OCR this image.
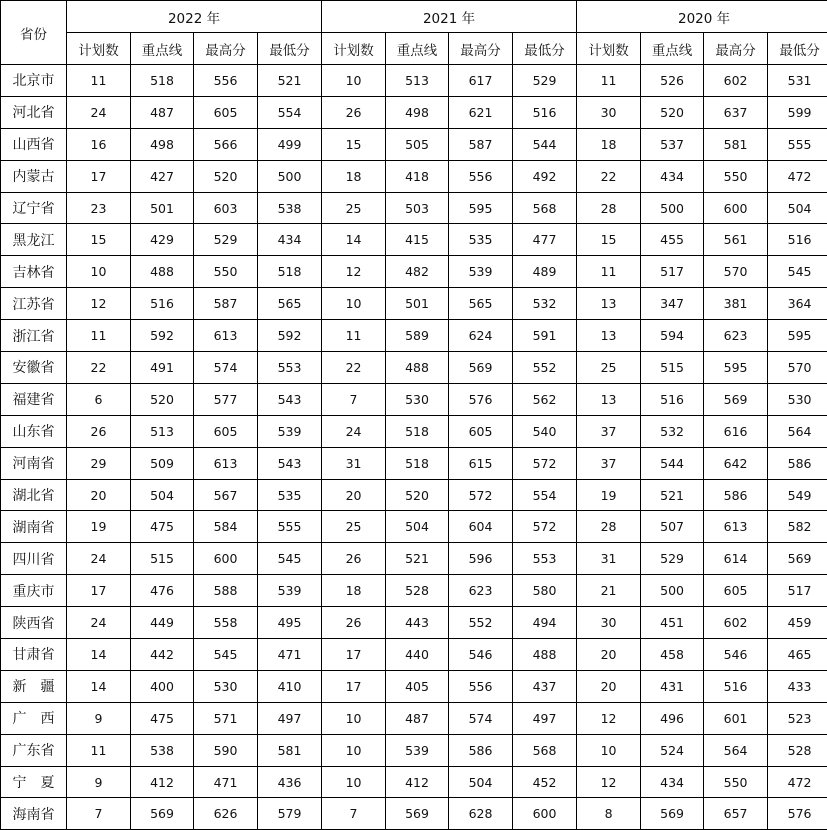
省份	2022 年				2021 年				2020 年			
	计划数	重点线	最高分	最低分	计划数	重点线	最高分	最低分	计划数	重点线	最高分	最低分
北京市	11	518	556	521	10	513	617	529	11	526	602	531
河北省	24	487	605	554	26	498	621	516	30	520	637	599
山西省	16	498	566	499	15	505	587	544	18	537	581	555
内蒙古	17	427	520	500	18	418	556	492	22	434	550	472
辽宁省	23	501	603	538	25	503	595	568	28	500	600	504
黑龙江	15	429	529	434	14	415	535	477	15	455	561	516
吉林省	10	488	550	518	12	482	539	489	11	517	570	545
江苏省	12	516	587	565	10	501	565	532	13	347	381	364
浙江省	11	592	613	592	11	589	624	591	13	594	623	595
安徽省	22	491	574	553	22	488	569	552	25	515	595	570
福建省	6	520	577	543	7	530	576	562	13	516	569	530
山东省	26	513	605	539	24	518	605	540	37	532	616	564
河南省	29	509	613	543	31	518	615	572	37	544	642	586
湖北省	20	504	567	535	20	520	572	554	19	521	586	549
湖南省	19	475	584	555	25	504	604	572	28	507	613	582
四川省	24	515	600	545	26	521	596	553	31	529	614	569
重庆市	17	476	588	539	18	528	623	580	21	500	605	517
陕西省	24	449	558	495	26	443	552	494	30	451	602	459
甘肃省	14	442	545	471	17	440	546	488	20	458	546	465
新　疆	14	400	530	410	17	405	556	437	20	431	516	433
广　西	9	475	571	497	10	487	574	497	12	496	601	523
广东省	11	538	590	581	10	539	586	568	10	524	564	528
宁　夏	9	412	471	436	10	412	504	452	12	434	550	472
海南省	7	569	626	579	7	569	628	600	8	569	657	576
